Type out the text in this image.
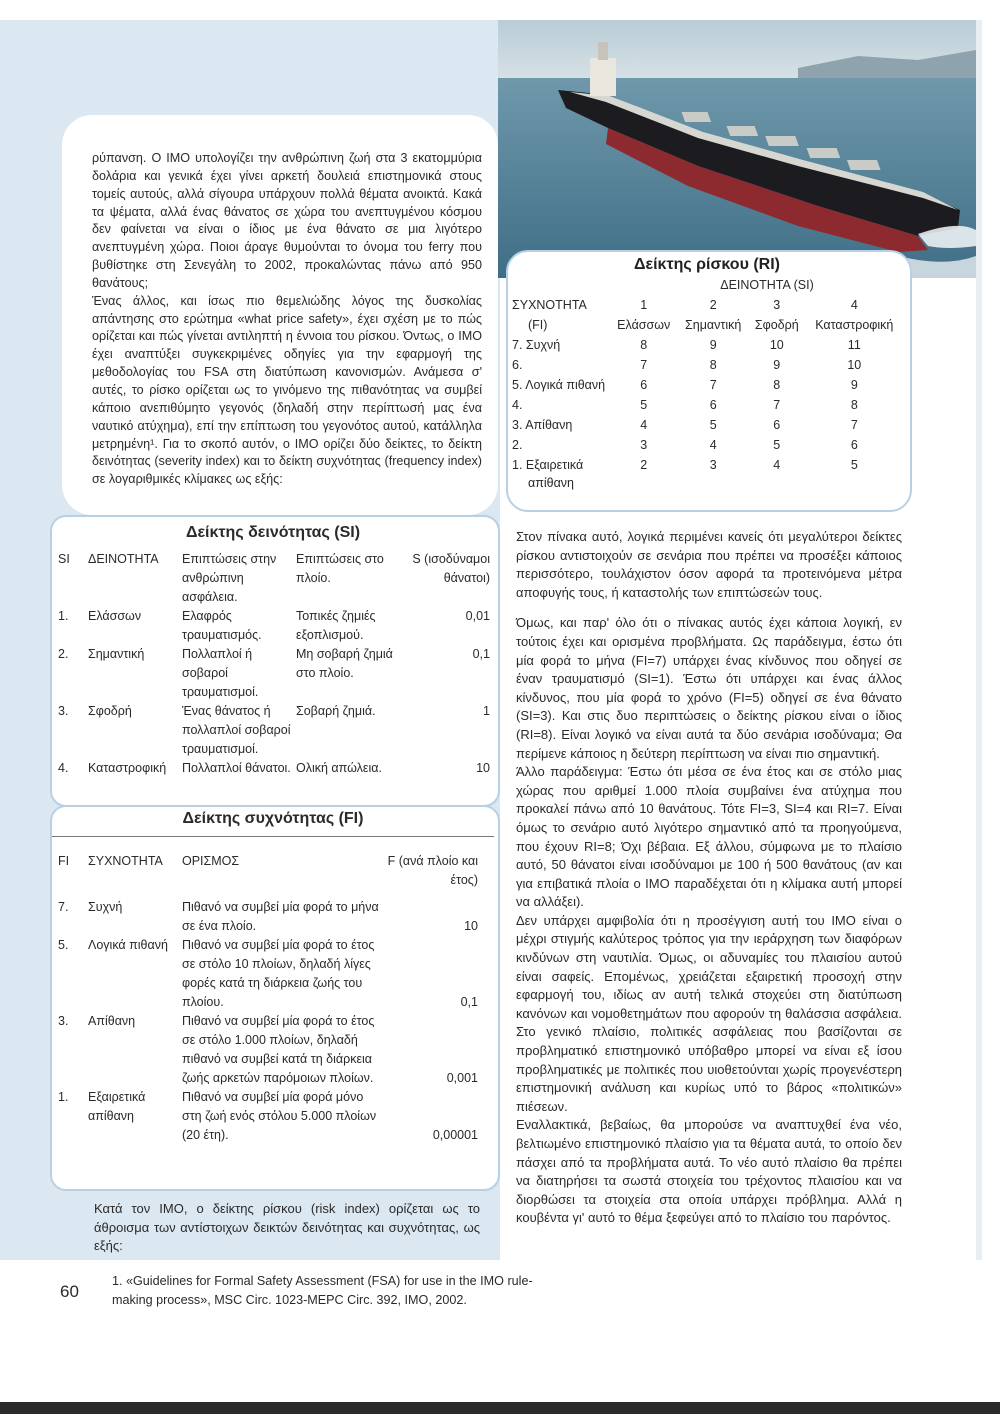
ρύπανση. Ο ΙΜΟ υπολογίζει την ανθρώπινη ζωή στα 3 εκατομμύρια δολάρια και γενικά έχει γίνει αρκετή δουλειά επιστημονικά στους τομείς αυτούς, αλλά σίγουρα υπάρχουν πολλά θέματα ανοικτά. Κακά τα ψέματα, αλλά ένας θάνατος σε χώρα του ανεπτυγμένου κόσμου δεν φαίνεται να είναι ο ίδιος με ένα θάνατο σε μια λιγότερο ανεπτυγμένη χώρα. Ποιοι άραγε θυμούνται το όνομα του ferry που βυθίστηκε στη Σενεγάλη το 2002, προκαλώντας πάνω από 950 θανάτους;

Ένας άλλος, και ίσως πιο θεμελιώδης λόγος της δυσκολίας απάντησης στο ερώτημα «what price safety», έχει σχέση με το πώς ορίζεται και πώς γίνεται αντιληπτή η έννοια του ρίσκου. Όντως, ο ΙΜΟ έχει αναπτύξει συγκεκριμένες οδηγίες για την εφαρμογή της μεθοδολογίας του FSA στη διατύπωση κανονισμών. Ανάμεσα σ' αυτές, το ρίσκο ορίζεται ως το γινόμενο της πιθανότητας να συμβεί κάποιο ανεπιθύμητο γεγονός (δηλαδή στην περίπτωσή μας ένα ναυτικό ατύχημα), επί την επίπτωση του γεγονότος αυτού, κατάλληλα μετρημένη¹. Για το σκοπό αυτόν, ο ΙΜΟ ορίζει δύο δείκτες, το δείκτη δεινότητας (severity index) και το δείκτη συχνότητας (frequency index) σε λογαριθμικές κλίμακες ως εξής:

Δείκτης ρίσκου (RI)
	ΔΕΙΝΟΤΗΤΑ (SI)			
ΣΥΧΝΟΤΗΤΑ	1	2	3	4
(FI)	Ελάσσων	Σημαντική	Σφοδρή	Καταστροφική
7. Συχνή	8	9	10	11
6.	7	8	9	10
5. Λογικά πιθανή	6	7	8	9
4.	5	6	7	8
3. Απίθανη	4	5	6	7
2.	3	4	5	6
1. Εξαιρετικά
απίθανη	2	3	4	5
Δείκτης δεινότητας (SI)
SI	ΔΕΙΝΟΤΗΤΑ	Επιπτώσεις στην ανθρώπινη ασφάλεια.	Επιπτώσεις στο πλοίο.	S (ισοδύναμοι θάνατοι)
1.	Ελάσσων	Ελαφρός τραυματισμός.	Τοπικές ζημιές εξοπλισμού.	0,01
2.	Σημαντική	Πολλαπλοί ή σοβαροί τραυματισμοί.	Μη σοβαρή ζημιά στο πλοίο.	0,1
3.	Σφοδρή	Ένας θάνατος ή πολλαπλοί σοβαροί τραυματισμοί.	Σοβαρή ζημιά.	1
4.	Καταστροφική	Πολλαπλοί θάνατοι.	Ολική απώλεια.	10
Δείκτης συχνότητας (FI)
FI	ΣΥΧΝΟΤΗΤΑ	ΟΡΙΣΜΟΣ	F (ανά πλοίο και έτος)
7.	Συχνή	Πιθανό να συμβεί μία φορά το μήνα σε ένα πλοίο.	10
5.	Λογικά πιθανή	Πιθανό να συμβεί μία φορά το έτος σε στόλο 10 πλοίων, δηλαδή λίγες φορές κατά τη διάρκεια ζωής του πλοίου.	0,1
3.	Απίθανη	Πιθανό να συμβεί μία φορά το έτος σε στόλο 1.000 πλοίων, δηλαδή πιθανό να συμβεί κατά τη διάρκεια ζωής αρκετών παρόμοιων πλοίων.	0,001
1.	Εξαιρετικά απίθανη	Πιθανό να συμβεί μία φορά μόνο στη ζωή ενός στόλου 5.000 πλοίων (20 έτη).	0,00001

Κατά τον ΙΜΟ, ο δείκτης ρίσκου (risk index) ορίζεται ως το άθροισμα των αντίστοιχων δεικτών δεινότητας και συχνότητας, ως εξής:

Στον πίνακα αυτό, λογικά περιμένει κανείς ότι μεγαλύτεροι δείκτες ρίσκου αντιστοιχούν σε σενάρια που πρέπει να προσέξει κάποιος περισσότερο, τουλάχιστον όσον αφορά τα προτεινόμενα μέτρα αποφυγής τους, ή καταστολής των επιπτώσεών τους.

Όμως, και παρ' όλο ότι ο πίνακας αυτός έχει κάποια λογική, εν τούτοις έχει και ορισμένα προβλήματα. Ως παράδειγμα, έστω ότι μία φορά το μήνα (FI=7) υπάρχει ένας κίνδυνος που οδηγεί σε έναν τραυματισμό (SI=1). Έστω ότι υπάρχει και ένας άλλος κίνδυνος, που μία φορά το χρόνο (FI=5) οδηγεί σε ένα θάνατο (SI=3). Και στις δυο περιπτώσεις ο δείκτης ρίσκου είναι ο ίδιος (RI=8). Είναι λογικό να είναι αυτά τα δύο σενάρια ισοδύναμα; Θα περίμενε κάποιος η δεύτερη περίπτωση να είναι πιο σημαντική.

Άλλο παράδειγμα: Έστω ότι μέσα σε ένα έτος και σε στόλο μιας χώρας που αριθμεί 1.000 πλοία συμβαίνει ένα ατύχημα που προκαλεί πάνω από 10 θανάτους. Τότε FI=3, SI=4 και RI=7. Είναι όμως το σενάριο αυτό λιγότερο σημαντικό από τα προηγούμενα, που έχουν RI=8; Όχι βέβαια. Εξ άλλου, σύμφωνα με το πλαίσιο αυτό, 50 θάνατοι είναι ισοδύναμοι με 100 ή 500 θανάτους (αν και για επιβατικά πλοία ο ΙΜΟ παραδέχεται ότι η κλίμακα αυτή μπορεί να αλλάξει).

Δεν υπάρχει αμφιβολία ότι η προσέγγιση αυτή του ΙΜΟ είναι ο μέχρι στιγμής καλύτερος τρόπος για την ιεράρχηση των διαφόρων κινδύνων στη ναυτιλία. Όμως, οι αδυναμίες του πλαισίου αυτού είναι σαφείς. Επομένως, χρειάζεται εξαιρετική προσοχή στην εφαρμογή του, ιδίως αν αυτή τελικά στοχεύει στη διατύπωση κανόνων και νομοθετημάτων που αφορούν τη θαλάσσια ασφάλεια. Στο γενικό πλαίσιο, πολιτικές ασφάλειας που βασίζονται σε προβληματικό επιστημονικό υπόβαθρο μπορεί να είναι εξ ίσου προβληματικές με πολιτικές που υιοθετούνται χωρίς προγενέστερη επιστημονική ανάλυση και κυρίως υπό το βάρος «πολιτικών» πιέσεων.

Εναλλακτικά, βεβαίως, θα μπορούσε να αναπτυχθεί ένα νέο, βελτιωμένο επιστημονικό πλαίσιο για τα θέματα αυτά, το οποίο δεν πάσχει από τα προβλήματα αυτά. Το νέο αυτό πλαίσιο θα πρέπει να διατηρήσει τα σωστά στοιχεία του τρέχοντος πλαισίου και να διορθώσει τα στοιχεία στα οποία υπάρχει πρόβλημα. Αλλά η κουβέντα γι' αυτό το θέμα ξεφεύγει από το πλαίσιο του παρόντος.

60
1. «Guidelines for Formal Safety Assessment (FSA) for use in the IMO rule-making process», MSC Circ. 1023-MEPC Circ. 392, IMO, 2002.
